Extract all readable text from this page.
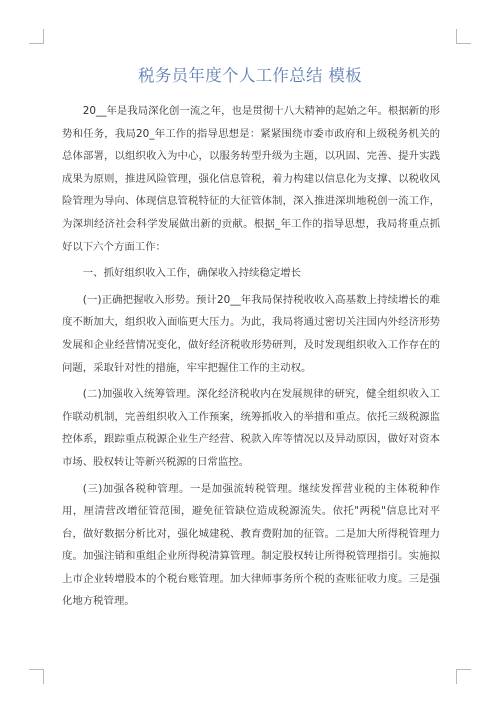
税务员年度个人工作总结 模板

20__年是我局深化创一流之年，也是贯彻十八大精神的起始之年。根据新的形势和任务，我局20_年工作的指导思想是：紧紧围绕市委市政府和上级税务机关的总体部署，以组织收入为中心，以服务转型升级为主题，以巩固、完善、提升实践成果为原则，推进风险管理，强化信息管税，着力构建以信息化为支撑、以税收风险管理为导向、体现信息管税特征的大征管体制，深入推进深圳地税创一流工作，为深圳经济社会科学发展做出新的贡献。根据_年工作的指导思想，我局将重点抓好以下六个方面工作：

一、抓好组织收入工作，确保收入持续稳定增长

(一)正确把握收入形势。预计20__年我局保持税收收入高基数上持续增长的难度不断加大，组织收入面临更大压力。为此，我局将通过密切关注国内外经济形势发展和企业经营情况变化，做好经济税收形势研判，及时发现组织收入工作存在的问题，采取针对性的措施，牢牢把握住工作的主动权。

(二)加强收入统筹管理。深化经济税收内在发展规律的研究，健全组织收入工作联动机制，完善组织收入工作预案，统筹抓收入的举措和重点。依托三级税源监控体系，跟踪重点税源企业生产经营、税款入库等情况以及异动原因，做好对资本市场、股权转让等新兴税源的日常监控。

(三)加强各税种管理。一是加强流转税管理。继续发挥营业税的主体税种作用，厘清营改增征管范围，避免征管缺位造成税源流失。依托"两税"信息比对平台，做好数据分析比对，强化城建税、教育费附加的征管。二是加大所得税管理力度。加强注销和重组企业所得税清算管理。制定股权转让所得税管理指引。实施拟上市企业转增股本的个税台账管理。加大律师事务所个税的查账征收力度。三是强化地方税管理。
